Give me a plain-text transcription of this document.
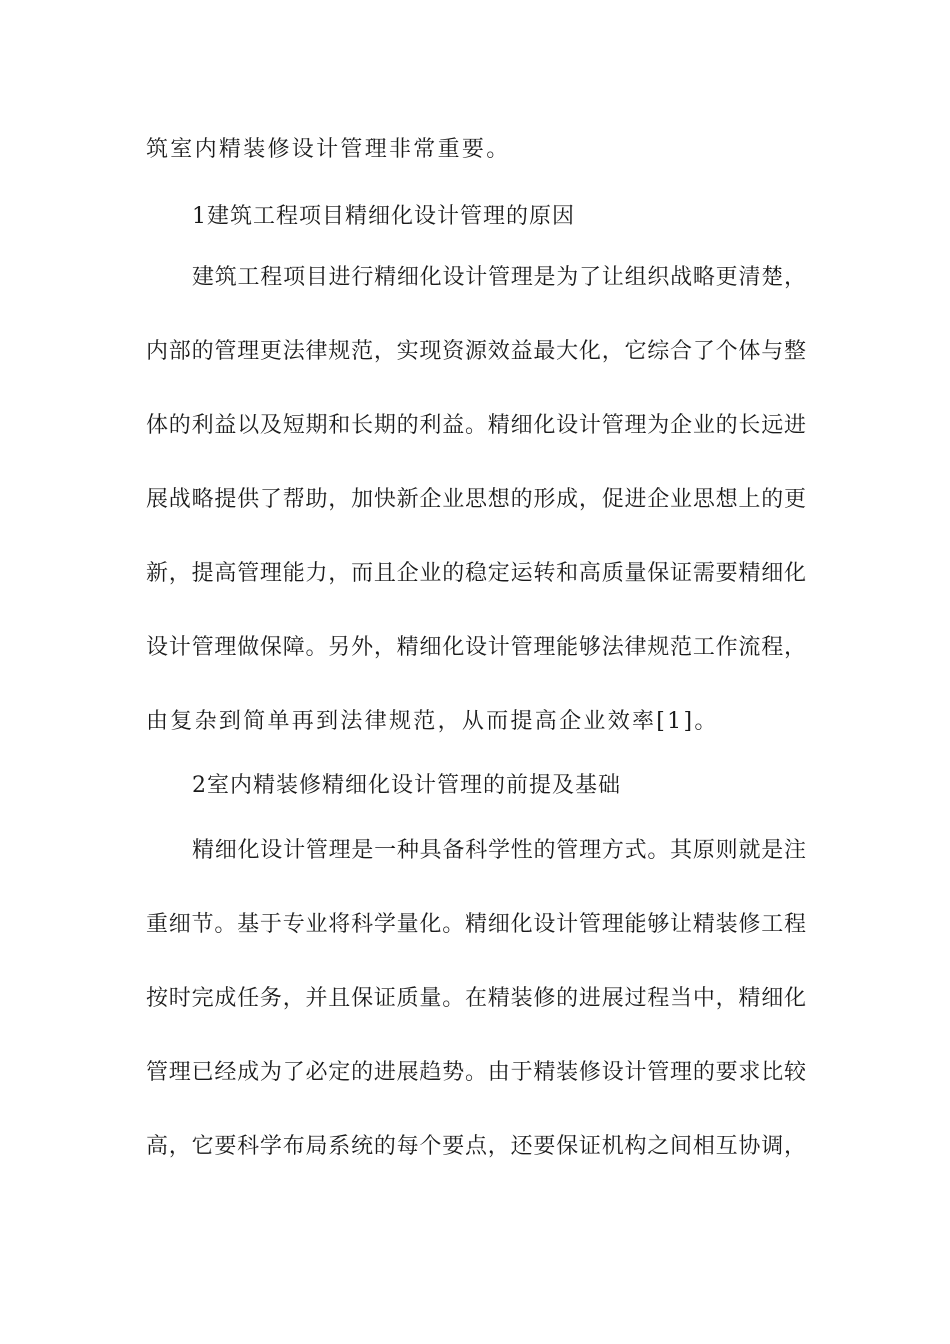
筑室内精装修设计管理非常重要。
1建筑工程项目精细化设计管理的原因
建筑工程项目进行精细化设计管理是为了让组织战略更清楚，
内部的管理更法律规范，实现资源效益最大化，它综合了个体与整
体的利益以及短期和长期的利益。精细化设计管理为企业的长远进
展战略提供了帮助，加快新企业思想的形成，促进企业思想上的更
新，提高管理能力，而且企业的稳定运转和高质量保证需要精细化
设计管理做保障。另外，精细化设计管理能够法律规范工作流程，
由复杂到简单再到法律规范，从而提高企业效率[1]。
2室内精装修精细化设计管理的前提及基础
精细化设计管理是一种具备科学性的管理方式。其原则就是注
重细节。基于专业将科学量化。精细化设计管理能够让精装修工程
按时完成任务，并且保证质量。在精装修的进展过程当中，精细化
管理已经成为了必定的进展趋势。由于精装修设计管理的要求比较
高，它要科学布局系统的每个要点，还要保证机构之间相互协调，
